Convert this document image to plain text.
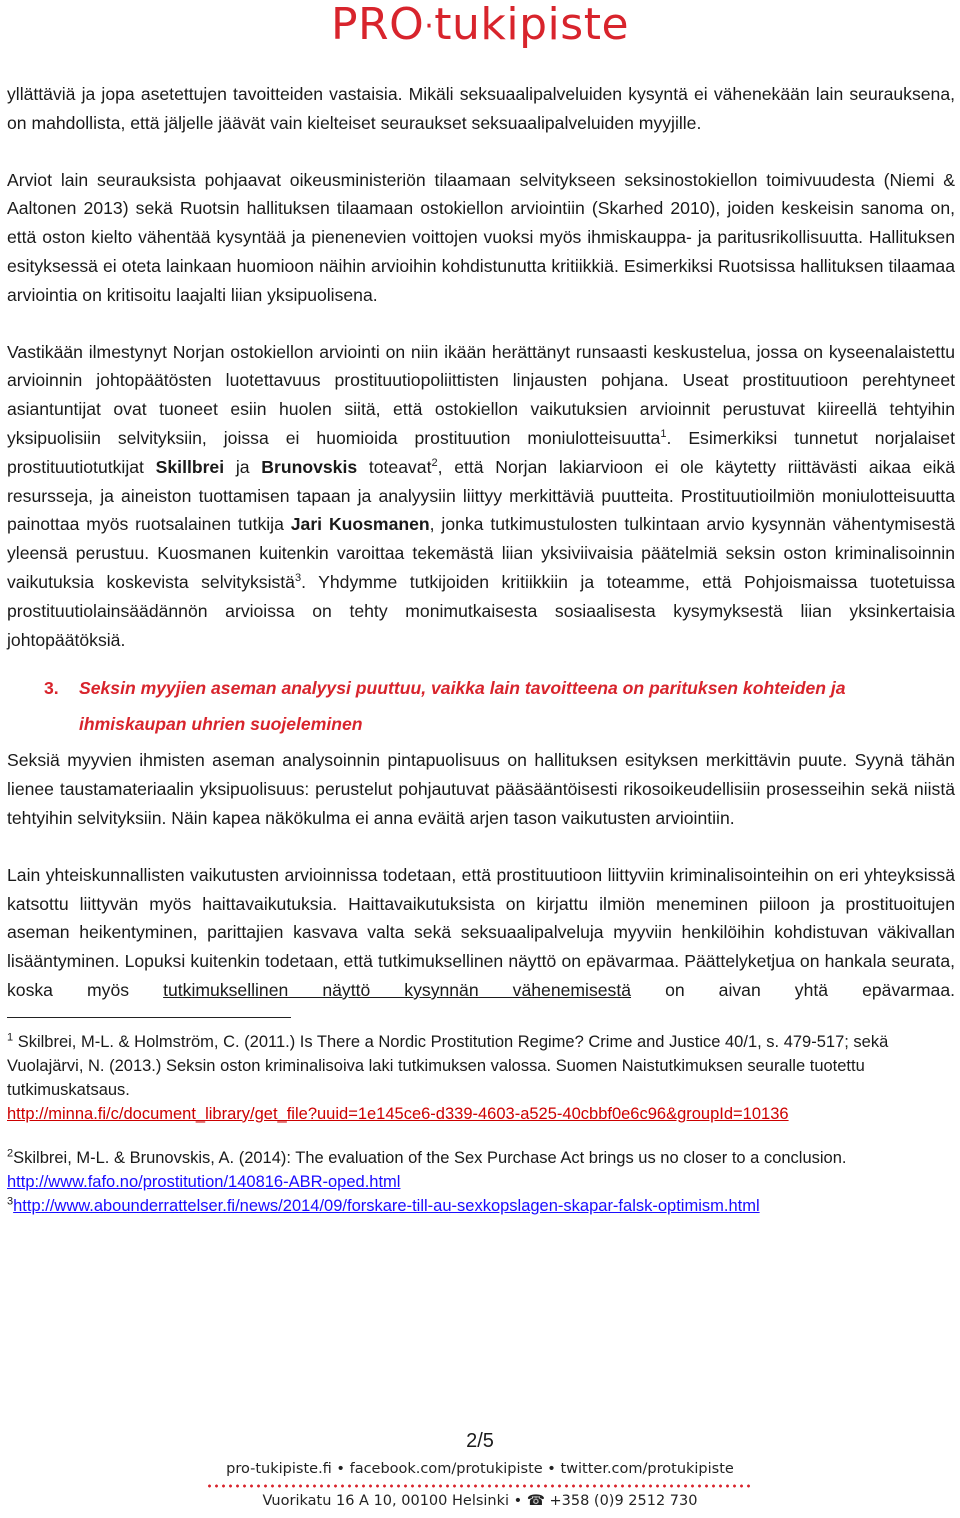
PRO·tukipiste

yllättäviä ja jopa asetettujen tavoitteiden vastaisia. Mikäli seksuaalipalveluiden kysyntä ei vähenekään lain seurauksena, on mahdollista, että jäljelle jäävät vain kielteiset seuraukset seksuaalipalveluiden myyjille.

Arviot lain seurauksista pohjaavat oikeusministeriön tilaamaan selvitykseen seksinostokiellon toimivuudesta (Niemi & Aaltonen 2013) sekä Ruotsin hallituksen tilaamaan ostokiellon arviointiin (Skarhed 2010), joiden keskeisin sanoma on, että oston kielto vähentää kysyntää ja pienenevien voittojen vuoksi myös ihmiskauppa- ja paritusrikollisuutta. Hallituksen esityksessä ei oteta lainkaan huomioon näihin arvioihin kohdistunutta kritiikkiä. Esimerkiksi Ruotsissa hallituksen tilaamaa arviointia on kritisoitu laajalti liian yksipuolisena.

Vastikään ilmestynyt Norjan ostokiellon arviointi on niin ikään herättänyt runsaasti keskustelua, jossa on kyseenalaistettu arvioinnin johtopäätösten luotettavuus prostituutiopoliittisten linjausten pohjana. Useat prostituutioon perehtyneet asiantuntijat ovat tuoneet esiin huolen siitä, että ostokiellon vaikutuksien arvioinnit perustuvat kiireellä tehtyihin yksipuolisiin selvityksiin, joissa ei huomioida prostituution moniulotteisuutta$^1$. Esimerkiksi tunnetut norjalaiset prostituutiotutkijat Skillbrei ja Brunovskis toteavat$^2$, että Norjan lakiarvioon ei ole käytetty riittävästi aikaa eikä resursseja, ja aineiston tuottamisen tapaan ja analyysiin liittyy merkittäviä puutteita. Prostituutioilmiön moniulotteisuutta painottaa myös ruotsalainen tutkija Jari Kuosmanen, jonka tutkimustulosten tulkintaan arvio kysynnän vähentymisestä yleensä perustuu. Kuosmanen kuitenkin varoittaa tekemästä liian yksiviivaisia päätelmiä seksin oston kriminalisoinnin vaikutuksia koskevista selvityksistä$^3$. Yhdymme tutkijoiden kritiikkiin ja toteamme, että Pohjoismaissa tuotetuissa prostituutiolainsäädännön arvioissa on tehty monimutkaisesta sosiaalisesta kysymyksestä liian yksinkertaisia johtopäätöksiä.

3. Seksin myyjien aseman analyysi puuttuu, vaikka lain tavoitteena on parituksen kohteiden ja ihmiskaupan uhrien suojeleminen

Seksiä myyvien ihmisten aseman analysoinnin pintapuolisuus on hallituksen esityksen merkittävin puute. Syynä tähän lienee taustamateriaalin yksipuolisuus: perustelut pohjautuvat pääsääntöisesti rikosoikeudellisiin prosesseihin sekä niistä tehtyihin selvityksiin. Näin kapea näkökulma ei anna eväitä arjen tason vaikutusten arviointiin.

Lain yhteiskunnallisten vaikutusten arvioinnissa todetaan, että prostituutioon liittyviin kriminalisointeihin on eri yhteyksissä katsottu liittyvän myös haittavaikutuksia. Haittavaikutuksista on kirjattu ilmiön meneminen piiloon ja prostituoitujen aseman heikentyminen, parittajien kasvava valta sekä seksuaalipalveluja myyviin henkilöihin kohdistuvan väkivallan lisääntyminen. Lopuksi kuitenkin todetaan, että tutkimuksellinen näyttö on epävarmaa. Päättelyketjua on hankala seurata, koska myös tutkimuksellinen näyttö kysynnän vähenemisestä on aivan yhtä epävarmaa.

$^1$ Skilbrei, M-L. & Holmström, C. (2011.) Is There a Nordic Prostitution Regime? Crime and Justice 40/1, s. 479-517; sekä Vuolajärvi, N. (2013.) Seksin oston kriminalisoiva laki tutkimuksen valossa. Suomen Naistutkimuksen seuralle tuotettu tutkimuskatsaus.
http://minna.fi/c/document_library/get_file?uuid=1e145ce6-d339-4603-a525-40cbbf0e6c96&groupId=10136

$^2$Skilbrei, M-L. & Brunovskis, A. (2014): The evaluation of the Sex Purchase Act brings us no closer to a conclusion. http://www.fafo.no/prostitution/140816-ABR-oped.html

$^3$http://www.abounderrattelser.fi/news/2014/09/forskare-till-au-sexkopslagen-skapar-falsk-optimism.html

2/5
pro-tukipiste.fi • facebook.com/protukipiste • twitter.com/protukipiste
Vuorikatu 16 A 10, 00100 Helsinki • ☎ +358 (0)9 2512 730
